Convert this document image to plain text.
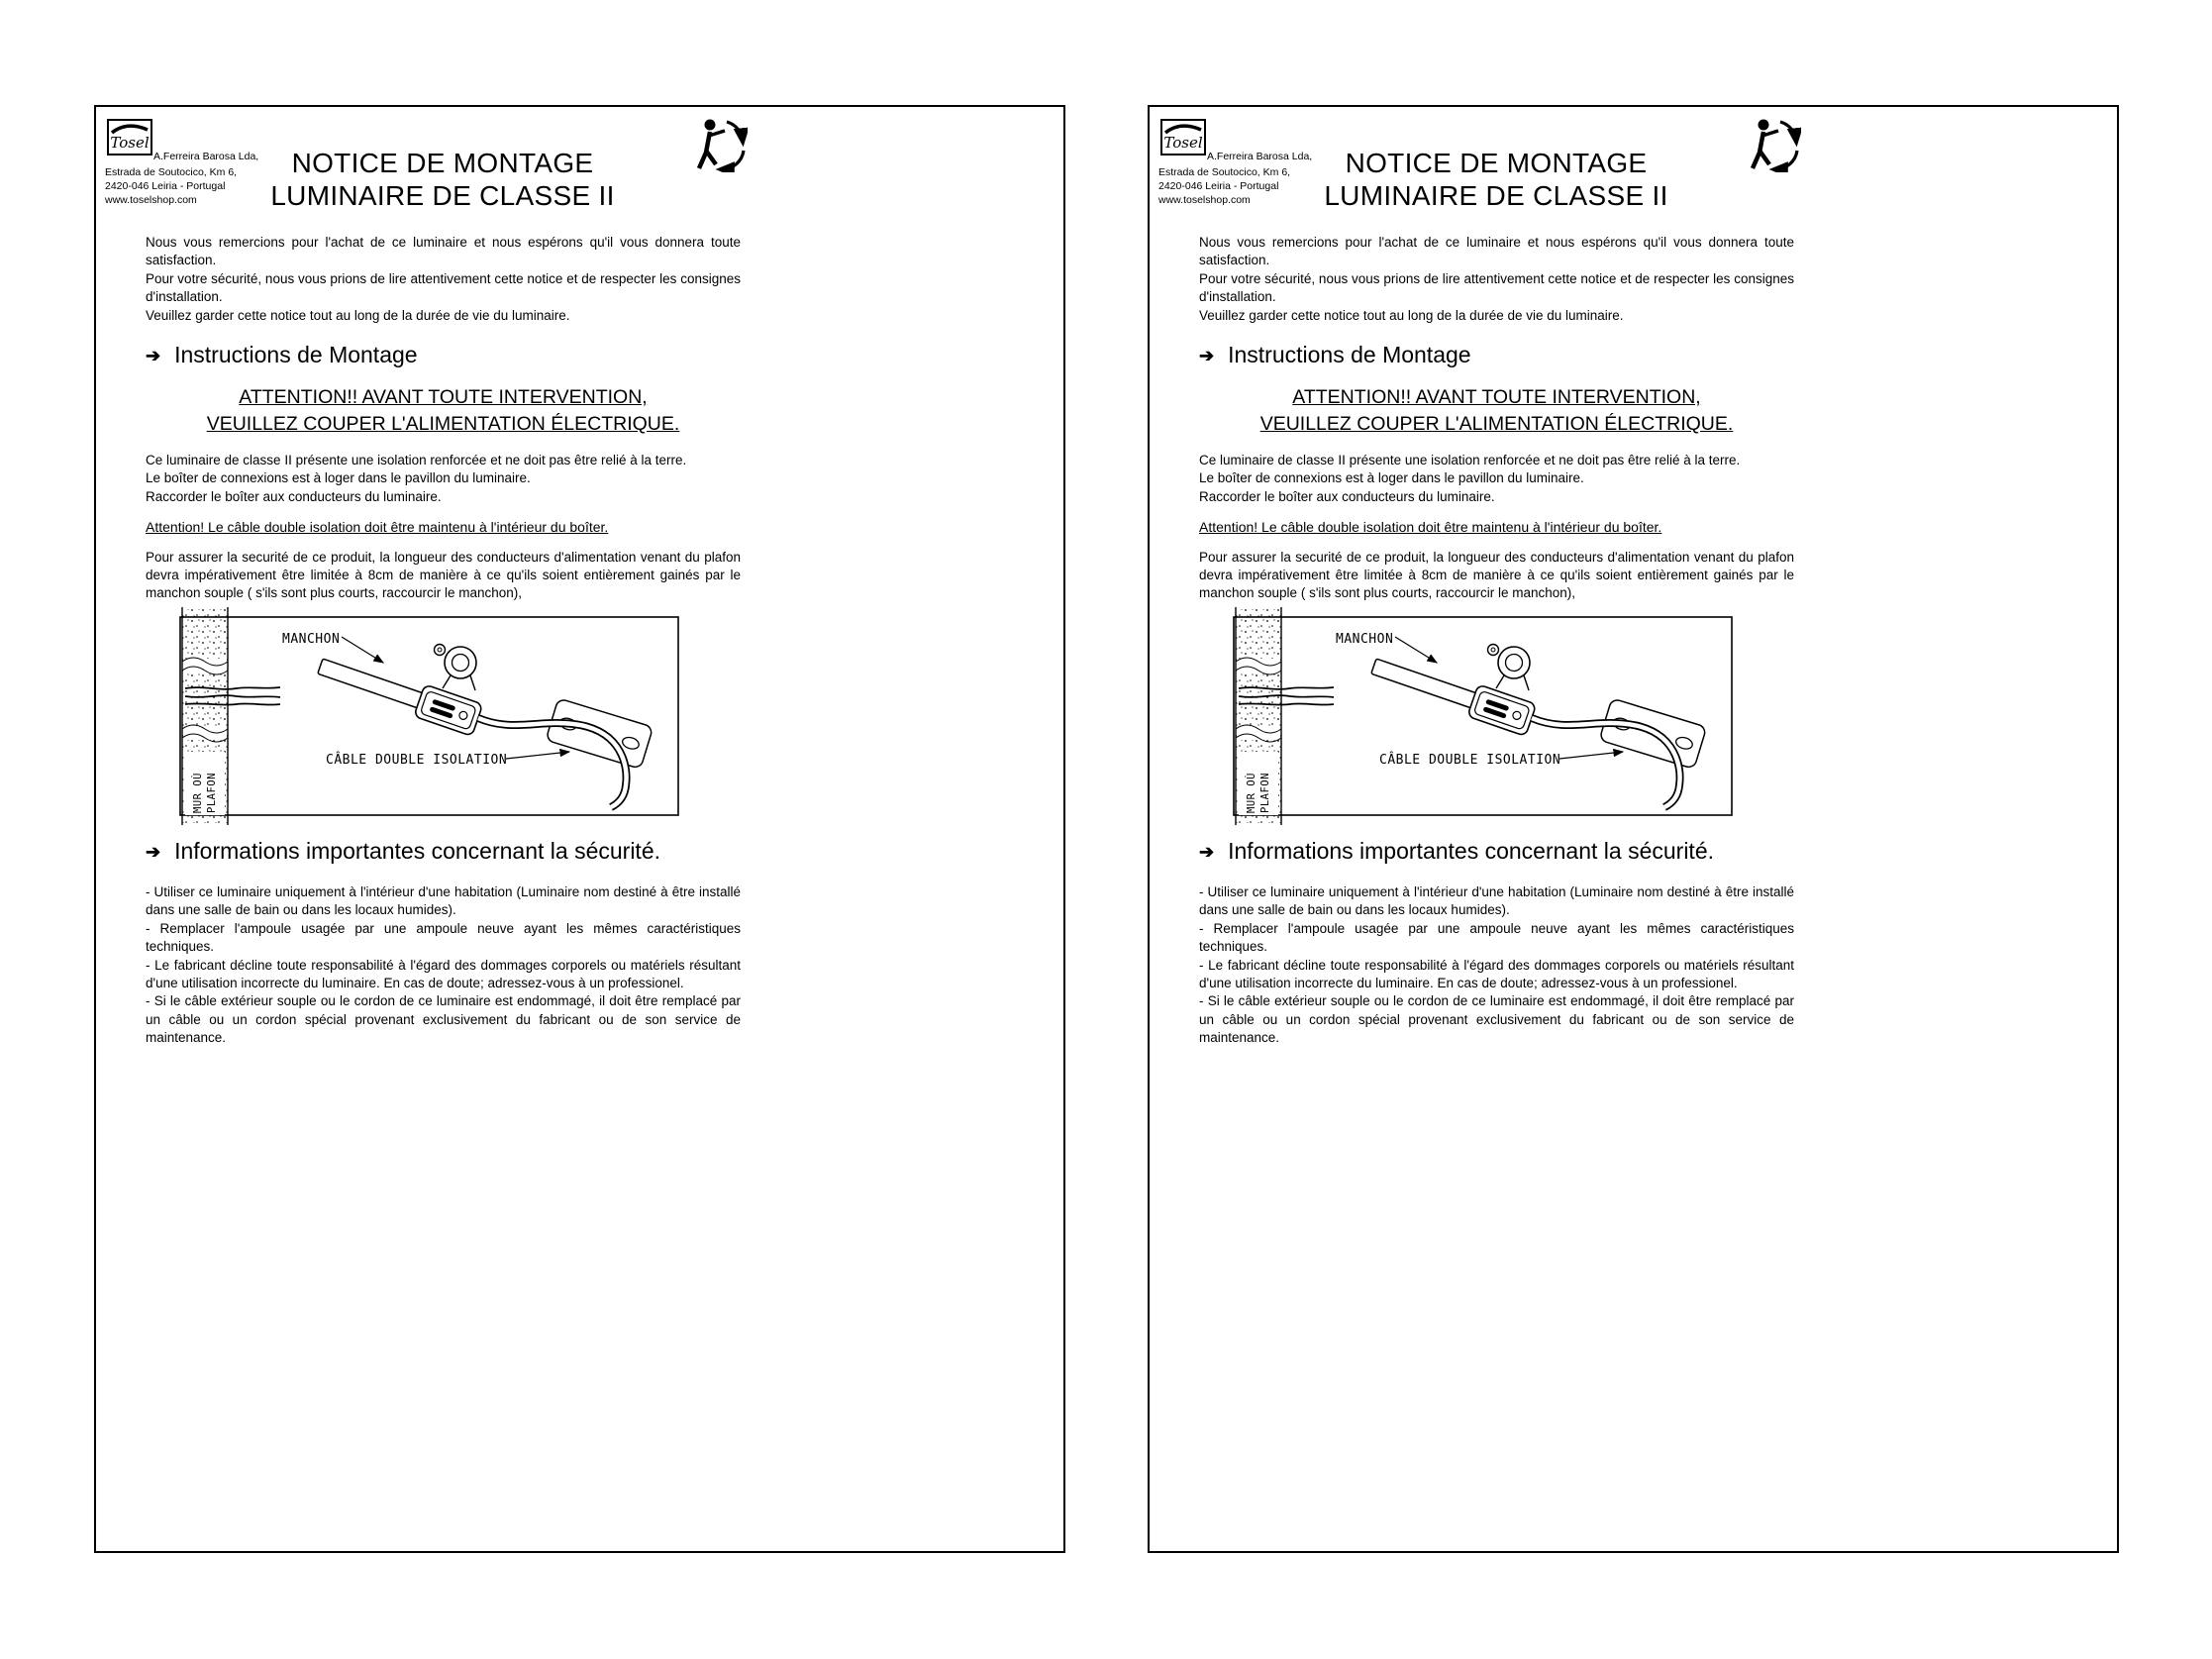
Tosel
A.Ferreira Barosa Lda,
Estrada de Soutocico, Km 6,
2420-046 Leiria - Portugal
www.toselshop.com
NOTICE DE MONTAGE
LUMINAIRE DE CLASSE II

Nous vous remercions pour l'achat de ce luminaire et nous espérons qu'il vous donnera toute satisfaction.

Pour votre sécurité, nous vous prions de lire attentivement cette notice et de respecter les consignes d'installation.

Veuillez garder cette notice tout au long de la durée de vie du luminaire.

➔ Instructions de Montage
ATTENTION!! AVANT TOUTE INTERVENTION,
VEUILLEZ COUPER L'ALIMENTATION ÉLECTRIQUE.
Ce luminaire de classe II présente une isolation renforcée et ne doit pas être relié à la terre.
Le boîter de connexions est à loger dans le pavillon du luminaire.
Raccorder le boîter aux conducteurs du luminaire.
Attention! Le câble double isolation doit être maintenu à l'intérieur du boîter.

Pour assurer la securité de ce produit, la longueur des conducteurs d'alimentation venant du plafon devra impérativement être limitée à 8cm de manière à ce qu'ils soient entièrement gainés par le manchon souple ( s'ils sont plus courts, raccourcir le manchon),

MUR OÙ PLAFON
MANCHON
CÂBLE DOUBLE ISOLATION
➔ Informations importantes concernant la sécurité.

- Utiliser ce luminaire uniquement à l'intérieur d'une habitation (Luminaire nom destiné à être installé dans une salle de bain ou dans les locaux humides).

- Remplacer l'ampoule usagée par une ampoule neuve ayant les mêmes caractéristiques techniques.

- Le fabricant décline toute responsabilité à l'égard des dommages corporels ou matériels résultant d'une utilisation incorrecte du luminaire. En cas de doute; adressez-vous à un professionel.

- Si le câble extérieur souple ou le cordon de ce luminaire est endommagé, il doit être remplacé par un câble ou un cordon spécial provenant exclusivement du fabricant ou de son service de maintenance.

Tosel
A.Ferreira Barosa Lda,
Estrada de Soutocico, Km 6,
2420-046 Leiria - Portugal
www.toselshop.com
NOTICE DE MONTAGE
LUMINAIRE DE CLASSE II

Nous vous remercions pour l'achat de ce luminaire et nous espérons qu'il vous donnera toute satisfaction.

Pour votre sécurité, nous vous prions de lire attentivement cette notice et de respecter les consignes d'installation.

Veuillez garder cette notice tout au long de la durée de vie du luminaire.

➔ Instructions de Montage
ATTENTION!! AVANT TOUTE INTERVENTION,
VEUILLEZ COUPER L'ALIMENTATION ÉLECTRIQUE.
Ce luminaire de classe II présente une isolation renforcée et ne doit pas être relié à la terre.
Le boîter de connexions est à loger dans le pavillon du luminaire.
Raccorder le boîter aux conducteurs du luminaire.
Attention! Le câble double isolation doit être maintenu à l'intérieur du boîter.

Pour assurer la securité de ce produit, la longueur des conducteurs d'alimentation venant du plafon devra impérativement être limitée à 8cm de manière à ce qu'ils soient entièrement gainés par le manchon souple ( s'ils sont plus courts, raccourcir le manchon),

MUR OÙ PLAFON
MANCHON
CÂBLE DOUBLE ISOLATION
➔ Informations importantes concernant la sécurité.

- Utiliser ce luminaire uniquement à l'intérieur d'une habitation (Luminaire nom destiné à être installé dans une salle de bain ou dans les locaux humides).

- Remplacer l'ampoule usagée par une ampoule neuve ayant les mêmes caractéristiques techniques.

- Le fabricant décline toute responsabilité à l'égard des dommages corporels ou matériels résultant d'une utilisation incorrecte du luminaire. En cas de doute; adressez-vous à un professionel.

- Si le câble extérieur souple ou le cordon de ce luminaire est endommagé, il doit être remplacé par un câble ou un cordon spécial provenant exclusivement du fabricant ou de son service de maintenance.
